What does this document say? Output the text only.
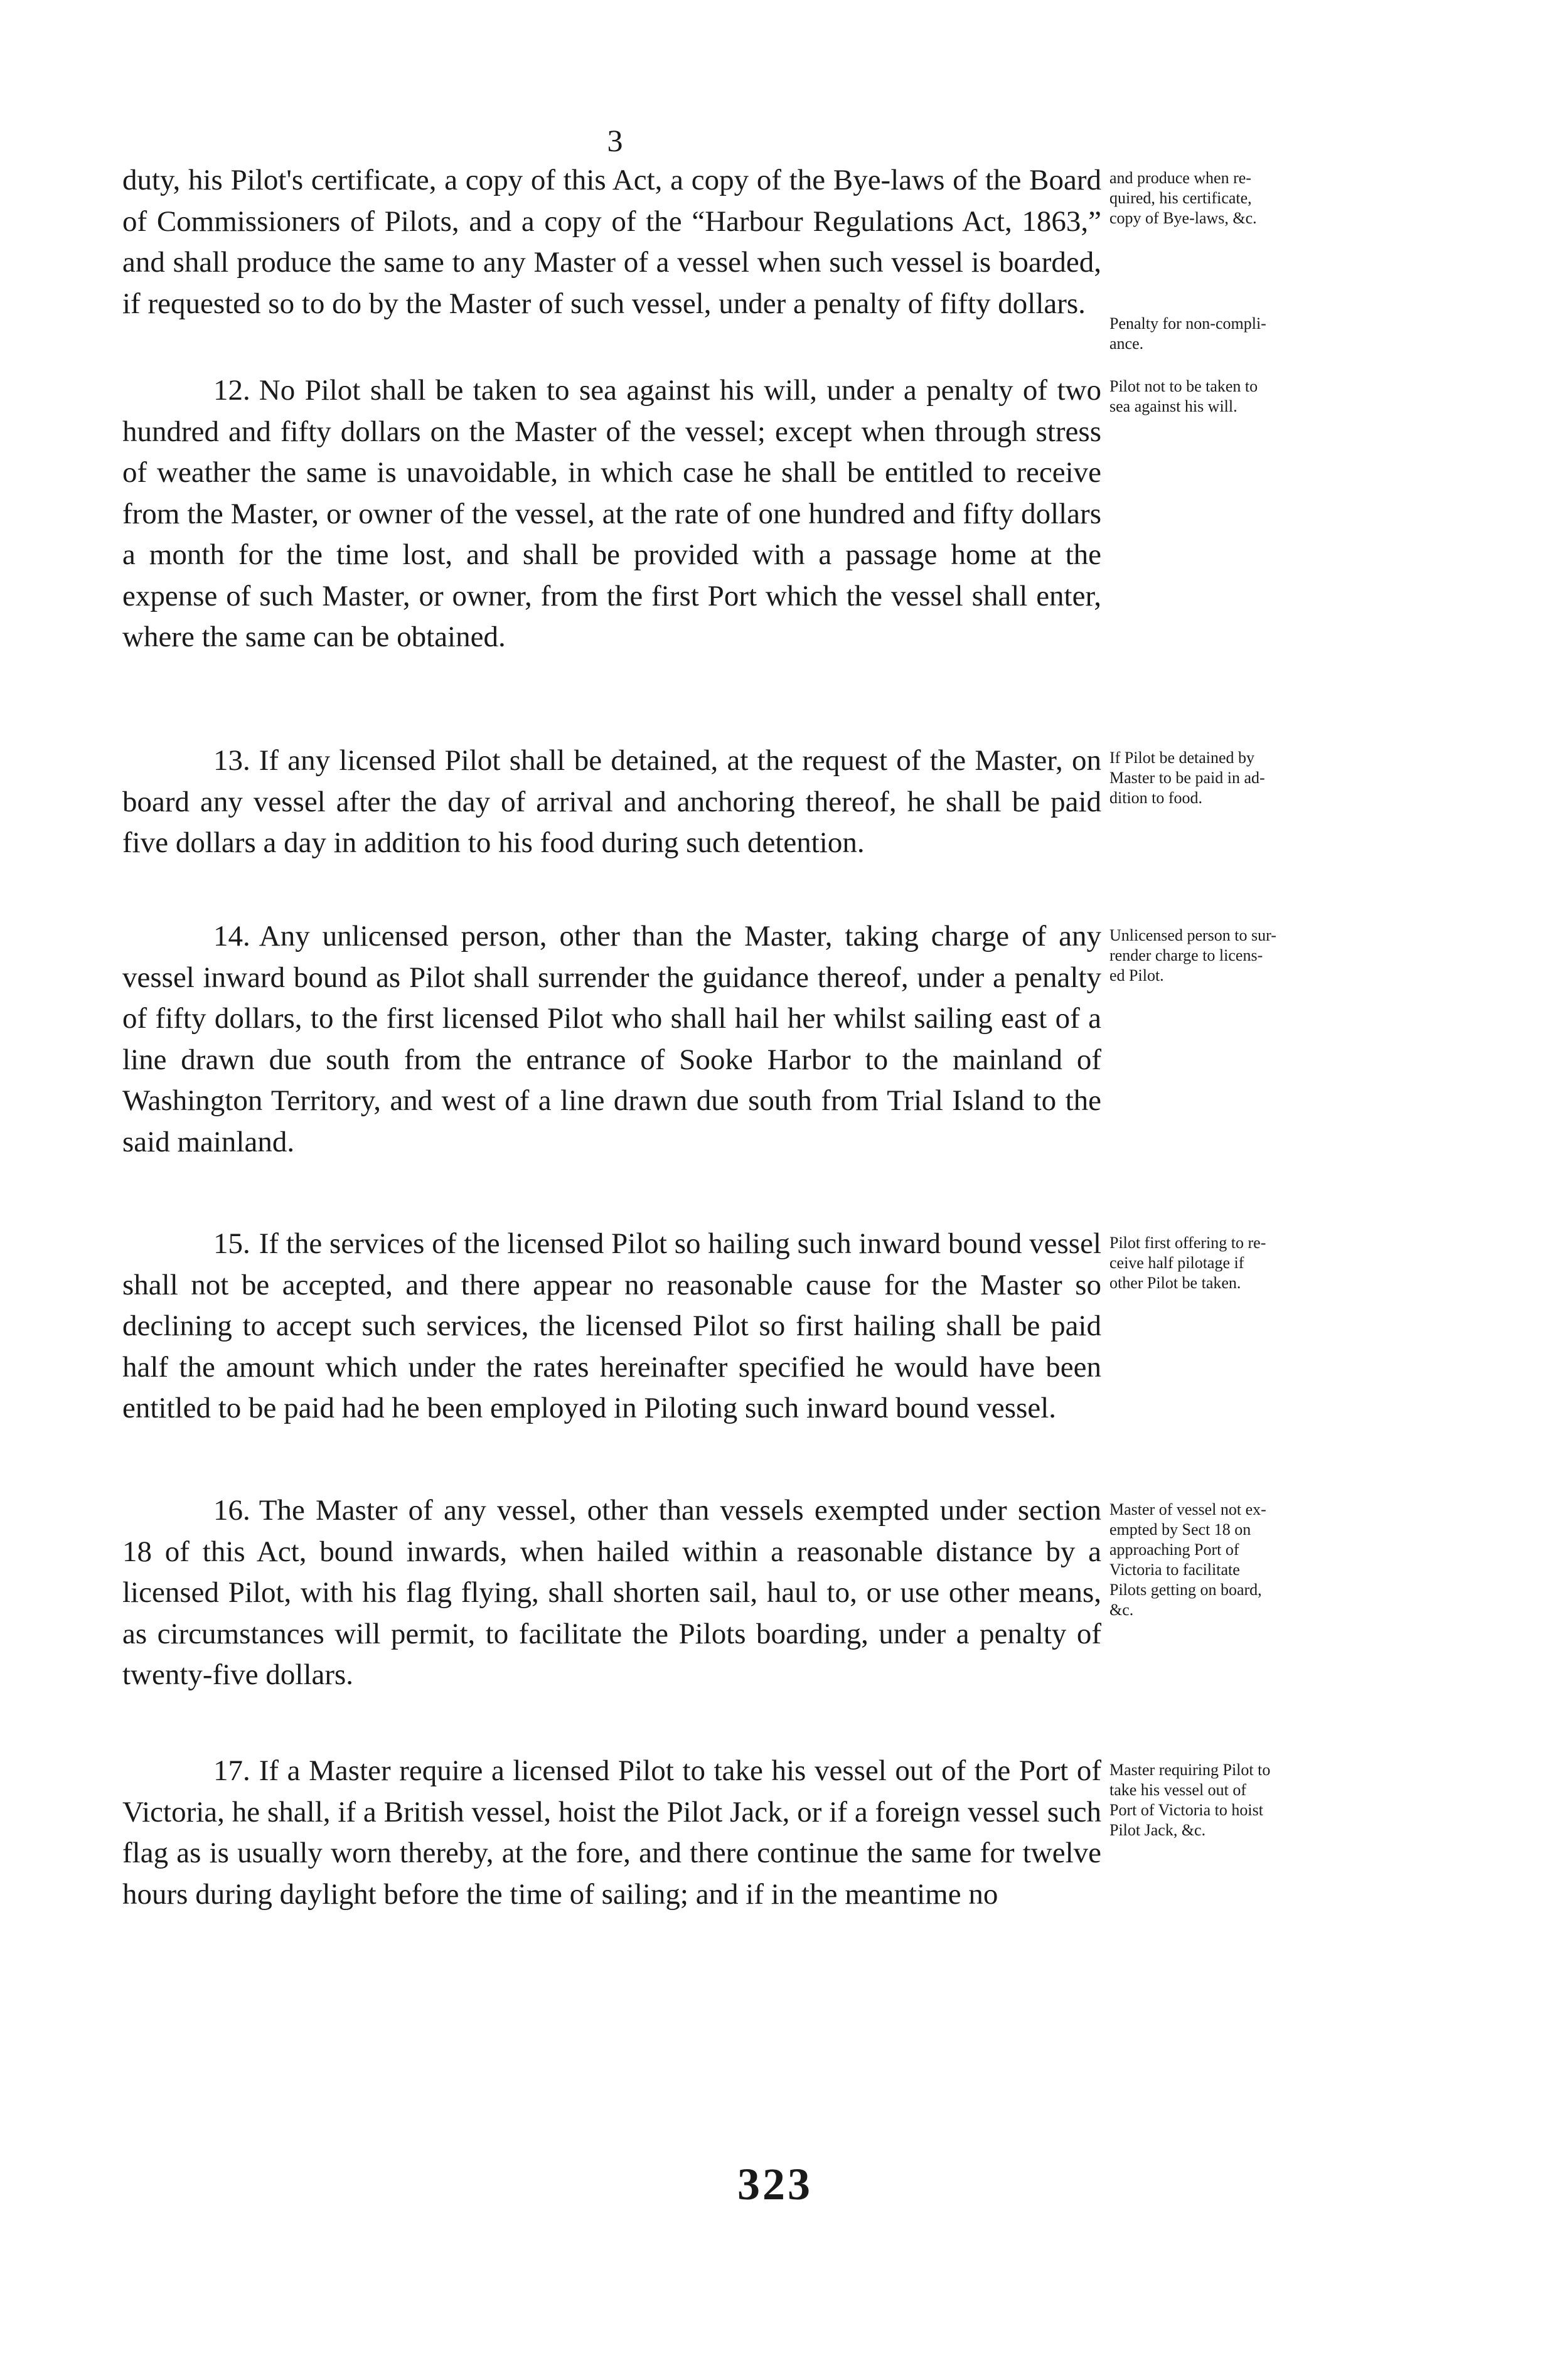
3

duty, his Pilot's certificate, a copy of this Act, a copy of the Bye-laws of the Board of Commissioners of Pilots, and a copy of the “Harbour Regulations Act, 1863,” and shall produce the same to any Master of a vessel when such vessel is boarded, if requested so to do by the Master of such vessel, under a penalty of fifty dollars.

and produce when re-
quired, his certificate,
copy of Bye-laws, &c.
Penalty for non-compli-
ance.

12. No Pilot shall be taken to sea against his will, under a penalty of two hundred and fifty dollars on the Master of the vessel; except when through stress of weather the same is unavoidable, in which case he shall be entitled to receive from the Master, or owner of the vessel, at the rate of one hundred and fifty dollars a month for the time lost, and shall be provided with a passage home at the expense of such Master, or owner, from the first Port which the vessel shall enter, where the same can be obtained.

Pilot not to be taken to
sea against his will.

13. If any licensed Pilot shall be detained, at the request of the Master, on board any vessel after the day of arrival and anchoring thereof, he shall be paid five dollars a day in addition to his food during such detention.

If Pilot be detained by
Master to be paid in ad-
dition to food.

14. Any unlicensed person, other than the Master, taking charge of any vessel inward bound as Pilot shall surrender the guidance thereof, under a penalty of fifty dollars, to the first licensed Pilot who shall hail her whilst sailing east of a line drawn due south from the entrance of Sooke Harbor to the mainland of Washington Territory, and west of a line drawn due south from Trial Island to the said mainland.

Unlicensed person to sur-
render charge to licens-
ed Pilot.

15. If the services of the licensed Pilot so hailing such inward bound vessel shall not be accepted, and there appear no reasonable cause for the Master so declining to accept such services, the licensed Pilot so first hailing shall be paid half the amount which under the rates hereinafter specified he would have been entitled to be paid had he been employed in Piloting such inward bound vessel.

Pilot first offering to re-
ceive half pilotage if
other Pilot be taken.

16. The Master of any vessel, other than vessels exempted under section 18 of this Act, bound inwards, when hailed within a reasonable distance by a licensed Pilot, with his flag flying, shall shorten sail, haul to, or use other means, as circumstances will permit, to facilitate the Pilots boarding, under a penalty of twenty-five dollars.

Master of vessel not ex-
empted by Sect 18 on
approaching Port of
Victoria to facilitate
Pilots getting on board,
&c.

17. If a Master require a licensed Pilot to take his vessel out of the Port of Victoria, he shall, if a British vessel, hoist the Pilot Jack, or if a foreign vessel such flag as is usually worn thereby, at the fore, and there continue the same for twelve hours during daylight before the time of sailing; and if in the meantime no

Master requiring Pilot to
take his vessel out of
Port of Victoria to hoist
Pilot Jack, &c.
323
